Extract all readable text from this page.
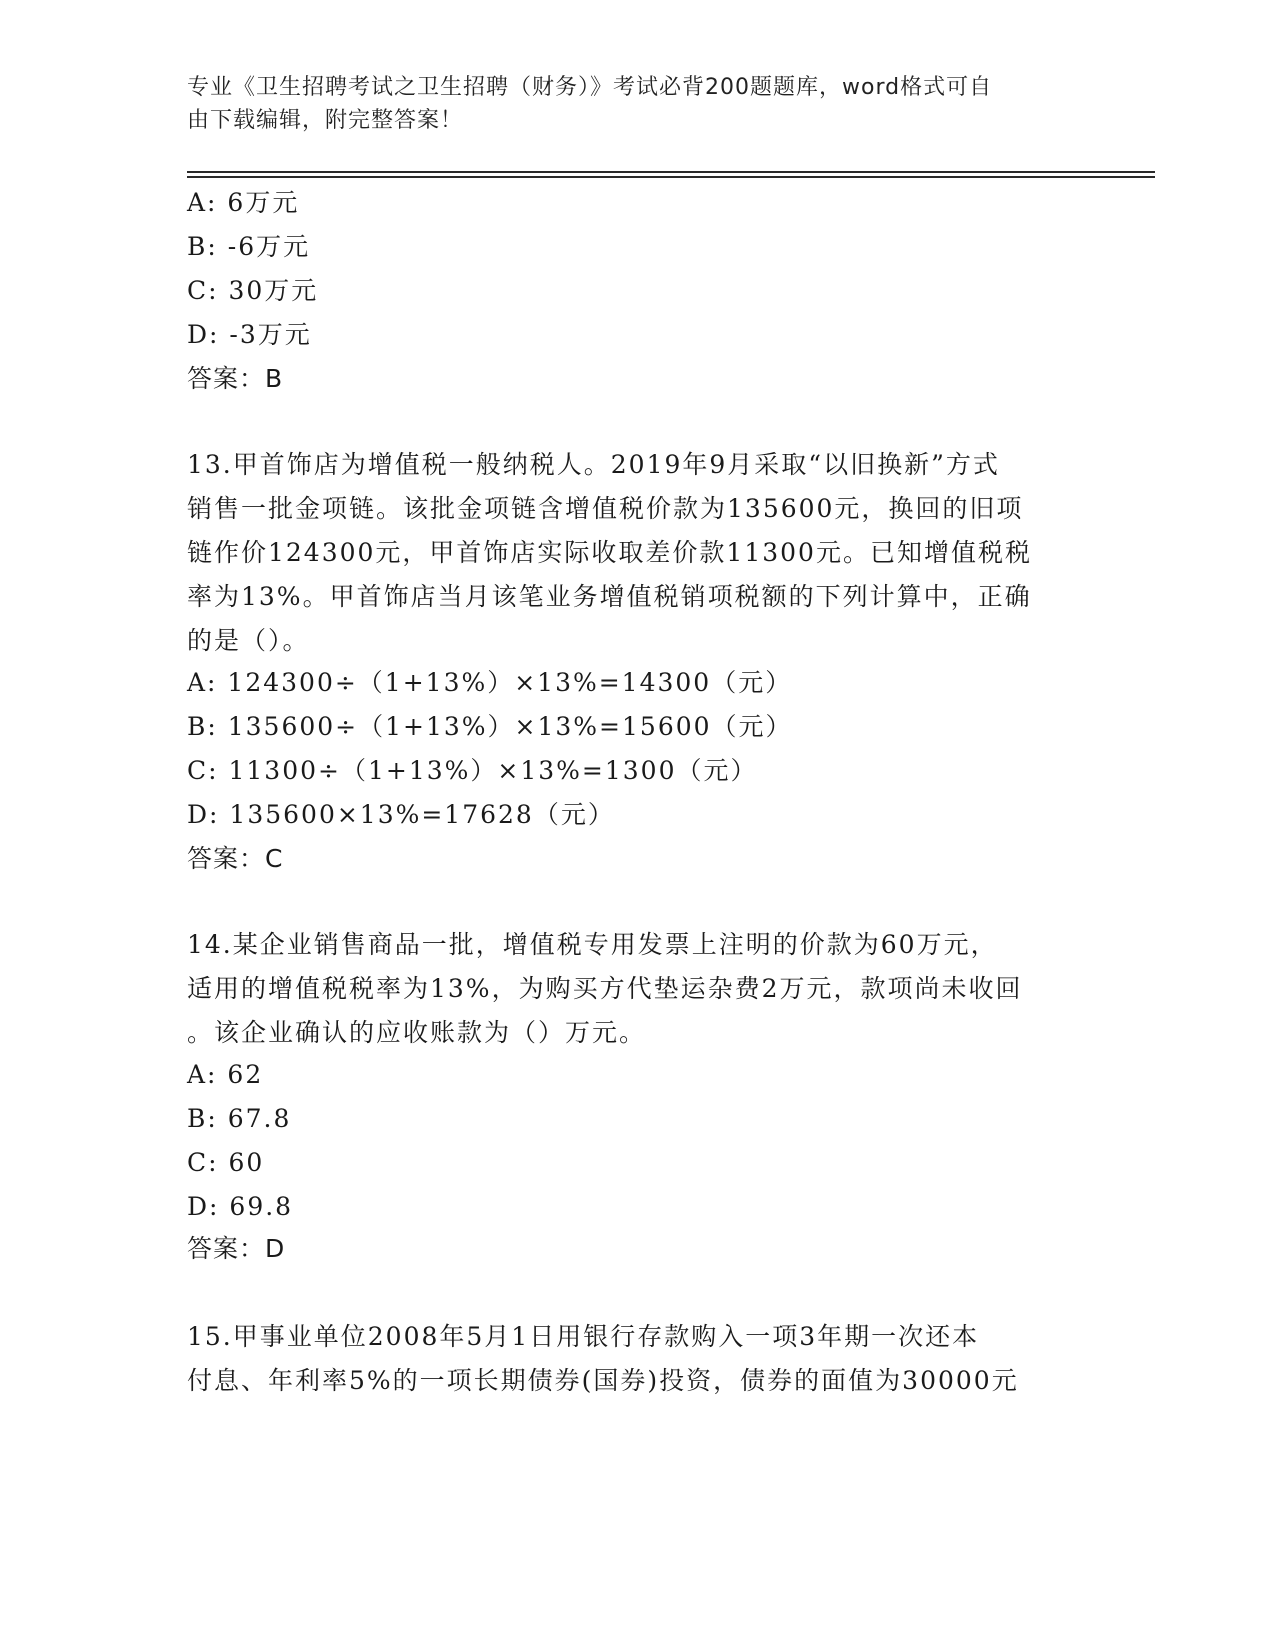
专业《卫生招聘考试之卫生招聘（财务）》考试必背200题题库，word格式可自
由下载编辑，附完整答案！
A: 6万元
B: -6万元
C: 30万元
D: -3万元
答案：B
13.甲首饰店为增值税一般纳税人。2019年9月采取“以旧换新”方式
销售一批金项链。该批金项链含增值税价款为135600元，换回的旧项
链作价124300元，甲首饰店实际收取差价款11300元。已知增值税税
率为13%。甲首饰店当月该笔业务增值税销项税额的下列计算中，正确
的是（）。
A: 124300÷（1+13%）×13%=14300（元）
B: 135600÷（1+13%）×13%=15600（元）
C: 11300÷（1+13%）×13%=1300（元）
D: 135600×13%=17628（元）
答案：C
14.某企业销售商品一批，增值税专用发票上注明的价款为60万元，
适用的增值税税率为13%，为购买方代垫运杂费2万元，款项尚未收回
。该企业确认的应收账款为（）万元。
A: 62
B: 67.8
C: 60
D: 69.8
答案：D
15.甲事业单位2008年5月1日用银行存款购入一项3年期一次还本
付息、年利率5%的一项长期债券(国券)投资，债券的面值为30000元
